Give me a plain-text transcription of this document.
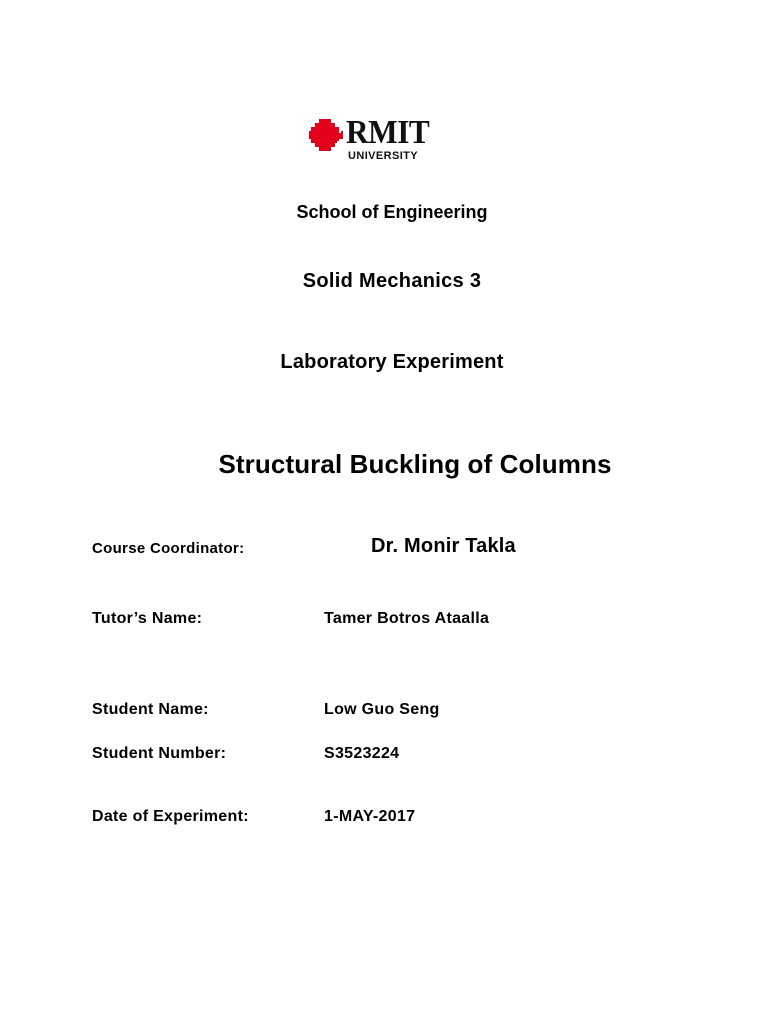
RMIT
UNIVERSITY
School of Engineering
Solid Mechanics 3
Laboratory Experiment
Structural Buckling of Columns
Course Coordinator:	Dr. Monir Takla
Tutor’s Name:	Tamer Botros Ataalla
Student Name:	Low Guo Seng
Student Number:	S3523224
Date of Experiment:	1-MAY-2017
